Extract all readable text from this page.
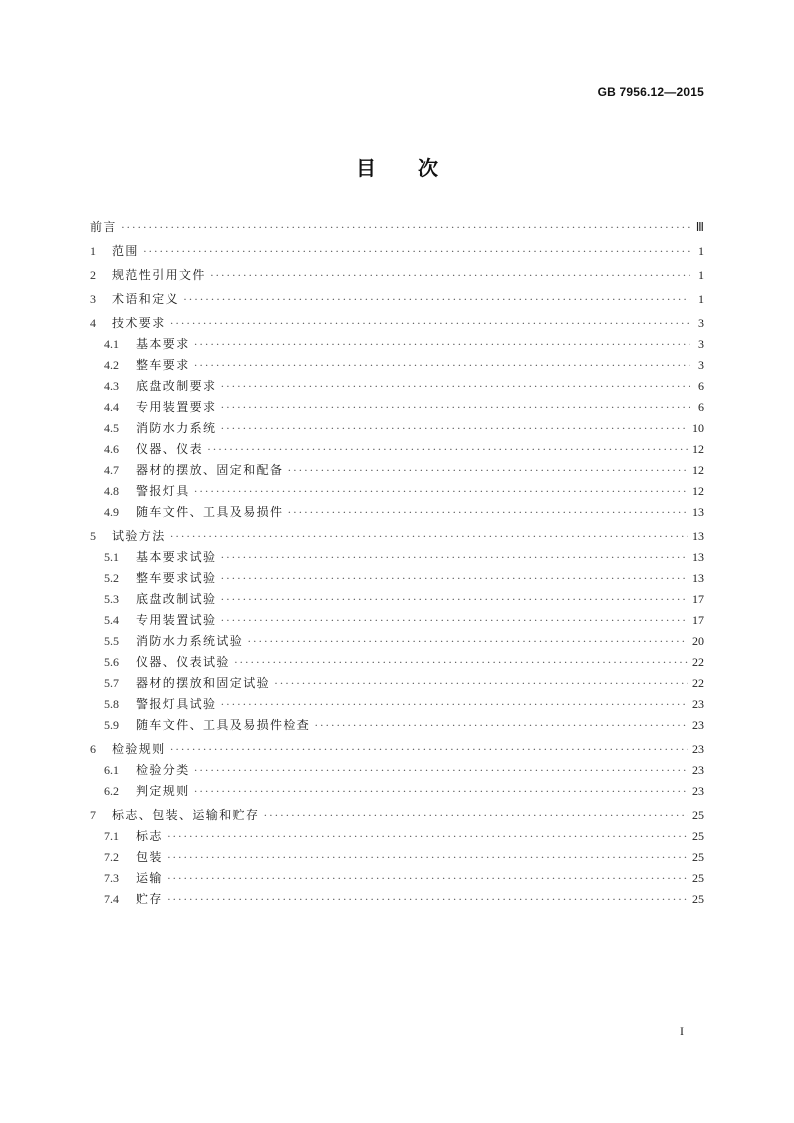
GB 7956.12—2015
目 次
前言 ·····	Ⅲ
1	范围 ·····	1
2	规范性引用文件 ·····	1
3	术语和定义 ·····	1
4	技术要求 ·····	3
4.1	基本要求 ·····	3
4.2	整车要求 ·····	3
4.3	底盘改制要求 ·····	6
4.4	专用装置要求 ·····	6
4.5	消防水力系统 ·····	10
4.6	仪器、仪表 ·····	12
4.7	器材的摆放、固定和配备 ·····	12
4.8	警报灯具 ·····	12
4.9	随车文件、工具及易损件 ·····	13
5	试验方法 ·····	13
5.1	基本要求试验 ·····	13
5.2	整车要求试验 ·····	13
5.3	底盘改制试验 ·····	17
5.4	专用装置试验 ·····	17
5.5	消防水力系统试验 ·····	20
5.6	仪器、仪表试验 ·····	22
5.7	器材的摆放和固定试验 ·····	22
5.8	警报灯具试验 ·····	23
5.9	随车文件、工具及易损件检查 ·····	23
6	检验规则 ·····	23
6.1	检验分类 ·····	23
6.2	判定规则 ·····	23
7	标志、包装、运输和贮存 ·····	25
7.1	标志 ·····	25
7.2	包装 ·····	25
7.3	运输 ·····	25
7.4	贮存 ·····	25
I
